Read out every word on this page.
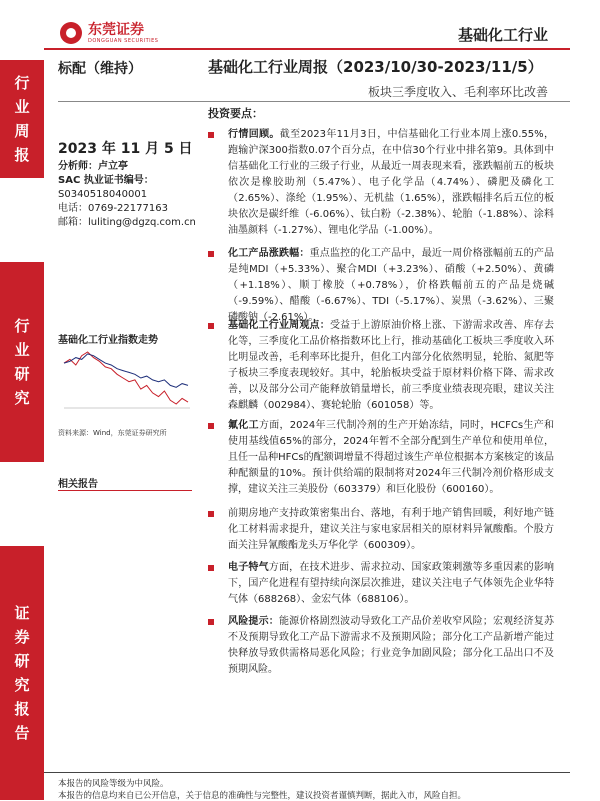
行
业
周
报
行
业
研
究
证
券
研
究
报
告
东莞证券
DONGGUAN SECURITIES	基础化工行业
标配（维持）	基础化工行业周报（2023/10/30-2023/11/5）
板块三季度收入、毛利率环比改善
2023 年 11 月 5 日
分析师：卢立亭
SAC 执业证书编号：
S0340518040001
电话：0769-22177163
邮箱：luliting@dgzq.com.cn
基础化工行业指数走势
资料来源：Wind，东莞证券研究所
相关报告
投资要点：
行情回顾。截至2023年11月3日，中信基础化工行业本周上涨0.55%，跑输沪深300指数0.07个百分点，在中信30个行业中排名第9。具体到中信基础化工行业的三级子行业，从最近一周表现来看，涨跌幅前五的板块依次是橡胶助剂（5.47%）、电子化学品（4.74%）、磷肥及磷化工（2.65%）、涤纶（1.95%）、无机盐（1.65%），涨跌幅排名后五位的板块依次是碳纤维（-6.06%）、钛白粉（-2.38%）、轮胎（-1.88%）、涂料油墨颜料（-1.27%）、锂电化学品（-1.00%）。
化工产品涨跌幅：重点监控的化工产品中，最近一周价格涨幅前五的产品是纯MDI（+5.33%）、聚合MDI（+3.23%）、硝酸（+2.50%）、黄磷（+1.18%）、顺丁橡胶（+0.78%），价格跌幅前五的产品是烧碱（-9.59%）、醋酸（-6.67%）、TDI（-5.17%）、炭黑（-3.62%）、三聚磷酸钠（-2.61%）。
基础化工行业周观点：受益于上游原油价格上涨、下游需求改善、库存去化等，三季度化工品价格指数环比上行，推动基础化工板块三季度收入环比明显改善，毛利率环比提升，但化工内部分化依然明显，轮胎、氮肥等子板块三季度表现较好。其中，轮胎板块受益于原材料价格下降、需求改善，以及部分公司产能释放销量增长，前三季度业绩表现亮眼，建议关注森麒麟（002984）、赛轮轮胎（601058）等。
氟化工方面，2024年三代制冷剂的生产开始冻结，同时，HCFCs生产和使用基线值65%的部分，2024年暂不全部分配到生产单位和使用单位，且任一品种HFCs的配额调增量不得超过该生产单位根据本方案核定的该品种配额量的10%。预计供给端的限制将对2024年三代制冷剂价格形成支撑，建议关注三美股份（603379）和巨化股份（600160）。
前期房地产支持政策密集出台、落地，有利于地产销售回暖，利好地产链化工材料需求提升，建议关注与家电家居相关的原材料异氰酸酯。个股方面关注异氰酸酯龙头万华化学（600309）。
电子特气方面，在技术进步、需求拉动、国家政策刺激等多重因素的影响下，国产化进程有望持续向深层次推进，建议关注电子气体领先企业华特气体（688268）、金宏气体（688106）。
风险提示：能源价格剧烈波动导致化工产品价差收窄风险；宏观经济复苏不及预期导致化工产品下游需求不及预期风险；部分化工产品新增产能过快释放导致供需格局恶化风险；行业竞争加剧风险；部分化工品出口不及预期风险。
本报告的风险等级为中风险。
本报告的信息均来自已公开信息，关于信息的准确性与完整性，建议投资者谨慎判断，据此入市，风险自担。
